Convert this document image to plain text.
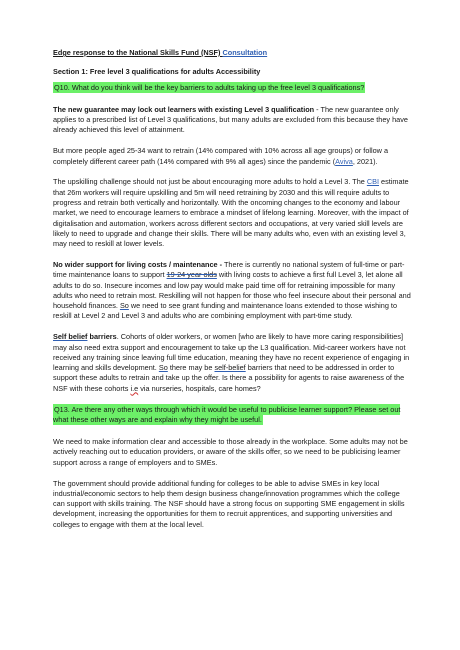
Edge response to the National Skills Fund (NSF) Consultation

Section 1: Free level 3 qualifications for adults Accessibility

Q10. What do you think will be the key barriers to adults taking up the free level 3 qualifications?

The new guarantee may lock out learners with existing Level 3 qualification - The new guarantee only applies to a prescribed list of Level 3 qualifications, but many adults are excluded from this because they have already achieved this level of attainment.

But more people aged 25-34 want to retrain (14% compared with 10% across all age groups) or follow a completely different career path (14% compared with 9% all ages) since the pandemic (Aviva, 2021).

The upskilling challenge should not just be about encouraging more adults to hold a Level 3. The CBI estimate that 26m workers will require upskilling and 5m will need retraining by 2030 and this will require adults to progress and retrain both vertically and horizontally. With the oncoming changes to the economy and labour market, we need to encourage learners to embrace a mindset of lifelong learning. Moreover, with the impact of digitalisation and automation, workers across different sectors and occupations, at very varied skill levels are likely to need to upgrade and change their skills. There will be many adults who, even with an existing level 3, may need to reskill at lower levels.

No wider support for living costs / maintenance - There is currently no national system of full-time or part-time maintenance loans to support 19-24 year olds with living costs to achieve a first full Level 3, let alone all adults to do so. Insecure incomes and low pay would make paid time off for retraining impossible for many adults who need to retrain most. Reskilling will not happen for those who feel insecure about their personal and household finances. So we need to see grant funding and maintenance loans extended to those wishing to reskill at Level 2 and Level 3 and adults who are combining employment with part-time study.

Self belief barriers. Cohorts of older workers, or women [who are likely to have more caring responsibilities] may also need extra support and encouragement to take up the L3 qualification. Mid-career workers have not received any training since leaving full time education, meaning they have no recent experience of engaging in learning and skills development. So there may be self-belief barriers that need to be addressed in order to support these adults to retrain and take up the offer. Is there a possibility for agents to raise awareness of the NSF with these cohorts i.e via nurseries, hospitals, care homes?

Q13. Are there any other ways through which it would be useful to publicise learner support? Please set out what these other ways are and explain why they might be useful.

We need to make information clear and accessible to those already in the workplace. Some adults may not be actively reaching out to education providers, or aware of the skills offer, so we need to be publicising learner support across a range of employers and to SMEs.

The government should provide additional funding for colleges to be able to advise SMEs in key local industrial/economic sectors to help them design business change/innovation programmes which the college can support with skills training. The NSF should have a strong focus on supporting SME engagement in skills development, increasing the opportunities for them to recruit apprentices, and supporting universities and colleges to engage with them at the local level.
